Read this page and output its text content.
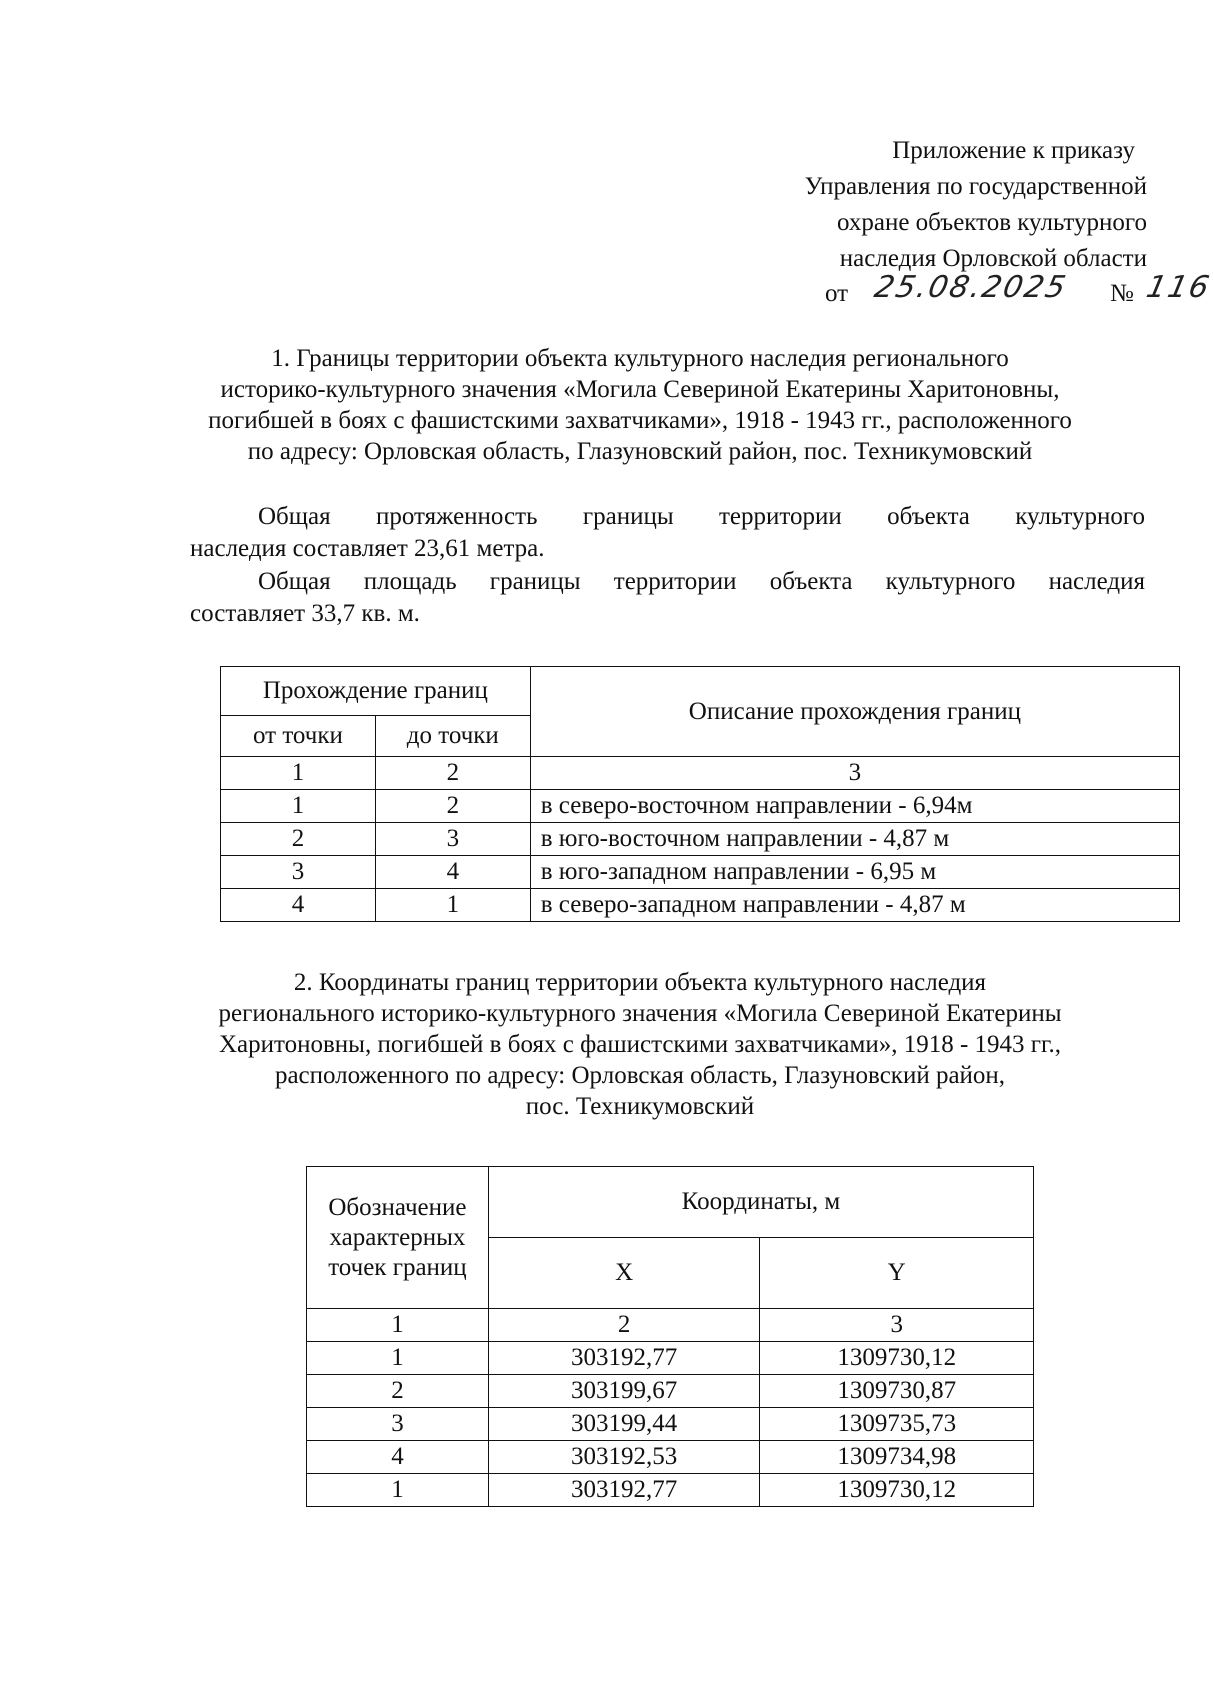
Приложение к приказу
Управления по государственной
охране объектов культурного
наследия Орловской области
от 25.08.2025 № 116
1. Границы территории объекта культурного наследия регионального
историко-культурного значения «Могила Севериной Екатерины Харитоновны,
погибшей в боях с фашистскими захватчиками», 1918 - 1943 гг., расположенного
по адресу: Орловская область, Глазуновский район, пос. Техникумовский
Общая протяженность границы территории объекта культурного
наследия составляет 23,61 метра.
Общая площадь границы территории объекта культурного наследия
составляет 33,7 кв. м.
Прохождение границ		Описание прохождения границ
от точки	до точки	
1	2	3
1	2	в северо-восточном направлении - 6,94м
2	3	в юго-восточном направлении - 4,87 м
3	4	в юго-западном направлении - 6,95 м
4	1	в северо-западном направлении - 4,87 м
2. Координаты границ территории объекта культурного наследия
регионального историко-культурного значения «Могила Севериной Екатерины
Харитоновны, погибшей в боях с фашистскими захватчиками», 1918 - 1943 гг.,
расположенного по адресу: Орловская область, Глазуновский район,
пос. Техникумовский
Обозначение характерных точек границ	Координаты, м	
	X	Y
1	2	3
1	303192,77	1309730,12
2	303199,67	1309730,87
3	303199,44	1309735,73
4	303192,53	1309734,98
1	303192,77	1309730,12
